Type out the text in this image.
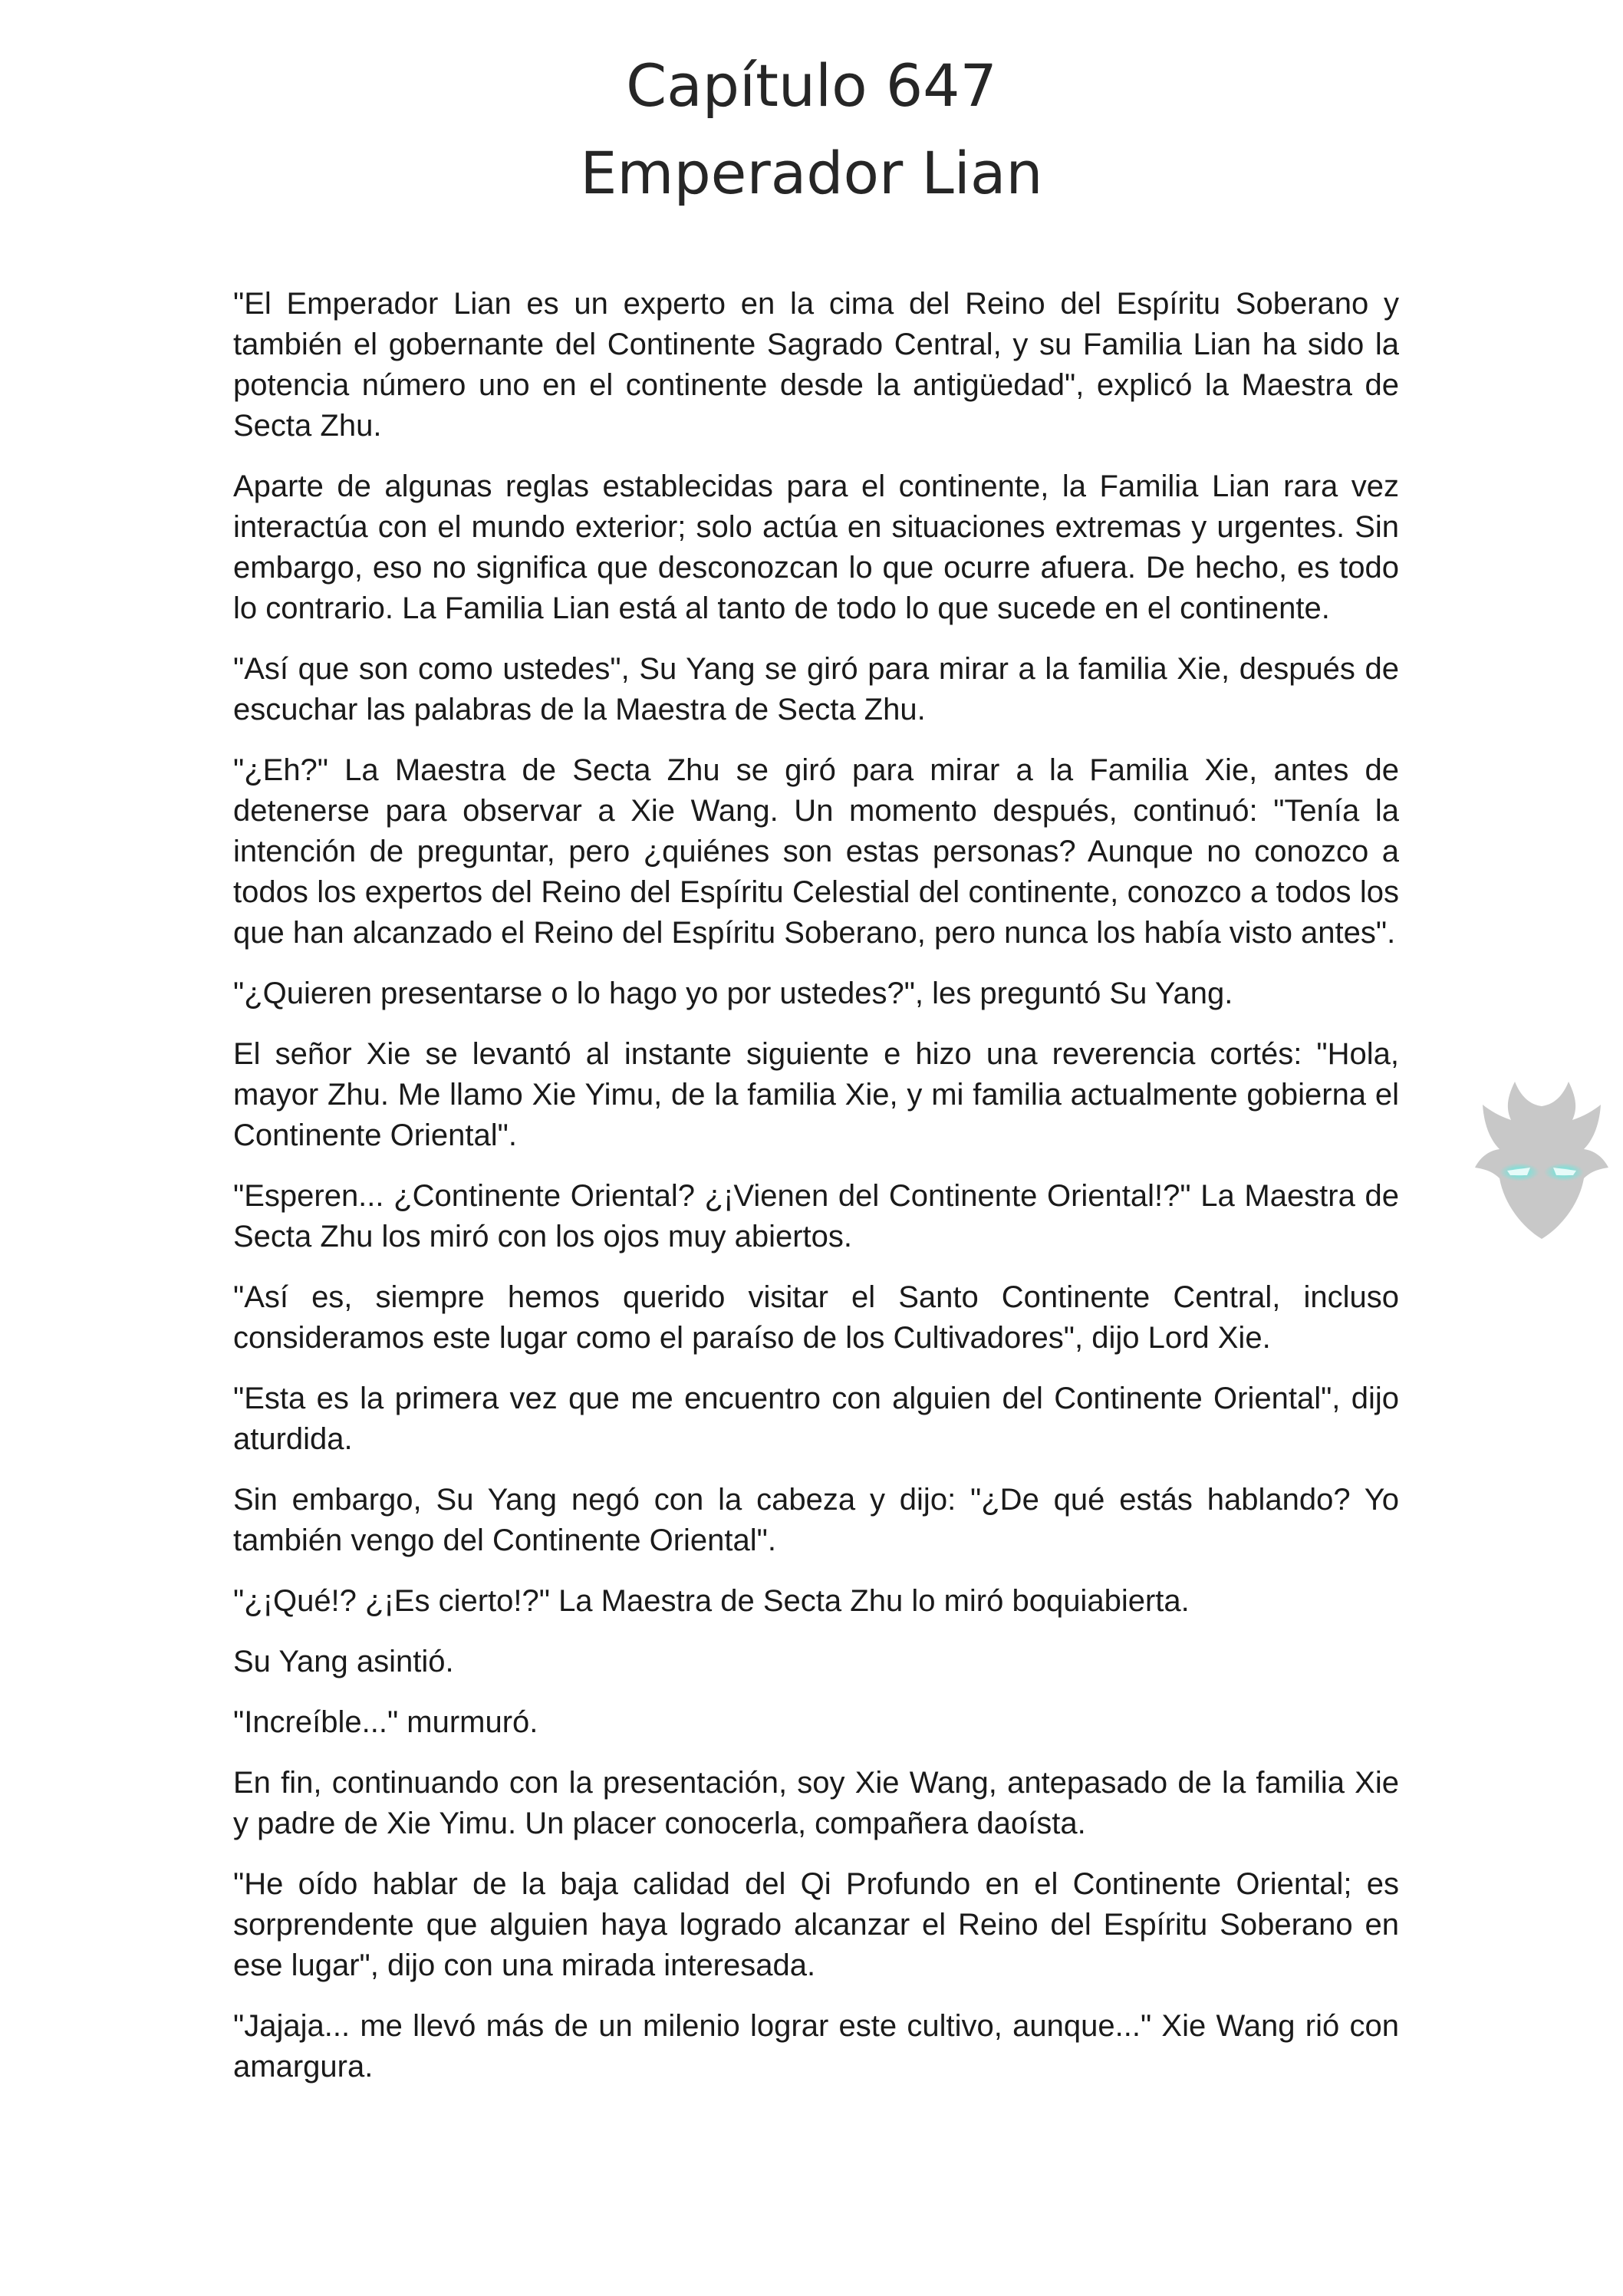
Capítulo 647
Emperador Lian

"El Emperador Lian es un experto en la cima del Reino del Espíritu Soberano y también el gobernante del Continente Sagrado Central, y su Familia Lian ha sido la potencia número uno en el continente desde la antigüedad", explicó la Maestra de Secta Zhu.

Aparte de algunas reglas establecidas para el continente, la Familia Lian rara vez interactúa con el mundo exterior; solo actúa en situaciones extremas y urgentes. Sin embargo, eso no significa que desconozcan lo que ocurre afuera. De hecho, es todo lo contrario. La Familia Lian está al tanto de todo lo que sucede en el continente.

"Así que son como ustedes", Su Yang se giró para mirar a la familia Xie, después de escuchar las palabras de la Maestra de Secta Zhu.

"¿Eh?" La Maestra de Secta Zhu se giró para mirar a la Familia Xie, antes de detenerse para observar a Xie Wang. Un momento después, continuó: "Tenía la intención de preguntar, pero ¿quiénes son estas personas? Aunque no conozco a todos los expertos del Reino del Espíritu Celestial del continente, conozco a todos los que han alcanzado el Reino del Espíritu Soberano, pero nunca los había visto antes".

"¿Quieren presentarse o lo hago yo por ustedes?", les preguntó Su Yang.

El señor Xie se levantó al instante siguiente e hizo una reverencia cortés: "Hola, mayor Zhu. Me llamo Xie Yimu, de la familia Xie, y mi familia actualmente gobierna el Continente Oriental".

"Esperen... ¿Continente Oriental? ¿¡Vienen del Continente Oriental!?" La Maestra de Secta Zhu los miró con los ojos muy abiertos.

"Así es, siempre hemos querido visitar el Santo Continente Central, incluso consideramos este lugar como el paraíso de los Cultivadores", dijo Lord Xie.

"Esta es la primera vez que me encuentro con alguien del Continente Oriental", dijo aturdida.

Sin embargo, Su Yang negó con la cabeza y dijo: "¿De qué estás hablando? Yo también vengo del Continente Oriental".

"¿¡Qué!? ¿¡Es cierto!?" La Maestra de Secta Zhu lo miró boquiabierta.

Su Yang asintió.

"Increíble..." murmuró.

En fin, continuando con la presentación, soy Xie Wang, antepasado de la familia Xie y padre de Xie Yimu. Un placer conocerla, compañera daoísta.

"He oído hablar de la baja calidad del Qi Profundo en el Continente Oriental; es sorprendente que alguien haya logrado alcanzar el Reino del Espíritu Soberano en ese lugar", dijo con una mirada interesada.

"Jajaja... me llevó más de un milenio lograr este cultivo, aunque..." Xie Wang rió con amargura.
